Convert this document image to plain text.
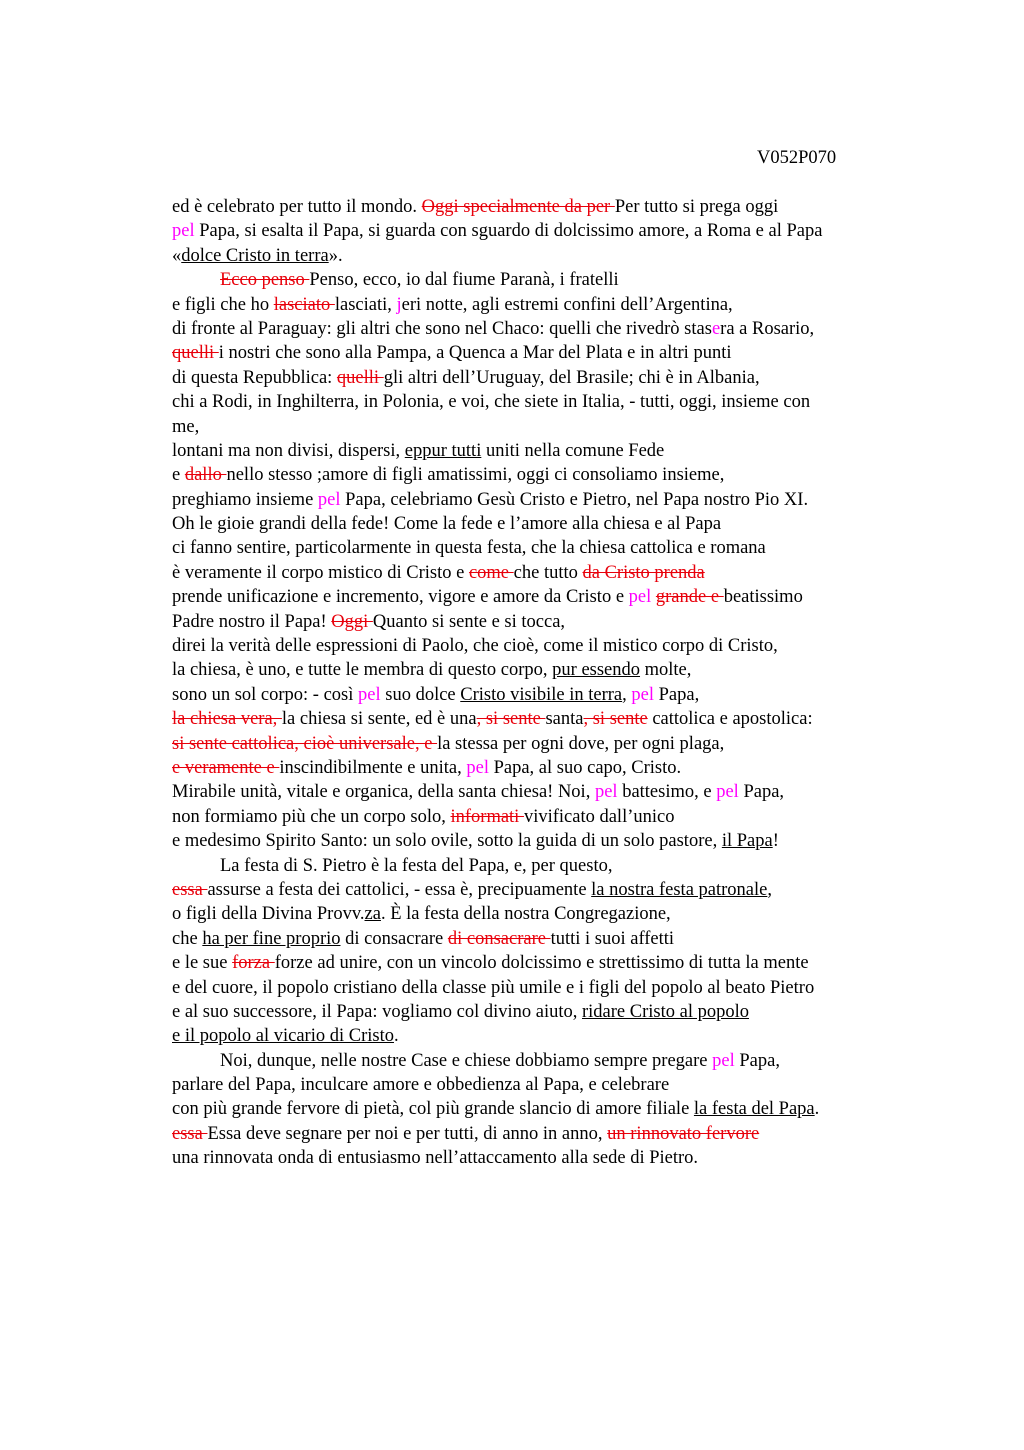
V052P070
ed è celebrato per tutto il mondo. Oggi specialmente da per Per tutto si prega oggi
pel Papa, si esalta il Papa, si guarda con sguardo di dolcissimo amore, a Roma e al Papa
«dolce Cristo in terra».
Ecco penso Penso, ecco, io dal fiume Paranà, i fratelli
e figli che ho lasciato lasciati, jeri notte, agli estremi confini dell’Argentina,
di fronte al Paraguay: gli altri che sono nel Chaco: quelli che rivedrò stasera a Rosario,
quelli i nostri che sono alla Pampa, a Quenca a Mar del Plata e in altri punti
di questa Repubblica: quelli gli altri dell’Uruguay, del Brasile; chi è in Albania,
chi a Rodi, in Inghilterra, in Polonia, e voi, che siete in Italia, - tutti, oggi, insieme con
me,
lontani ma non divisi, dispersi, eppur tutti uniti nella comune Fede
e dallo nello stesso ;amore di figli amatissimi, oggi ci consoliamo insieme,
preghiamo insieme pel Papa, celebriamo Gesù Cristo e Pietro, nel Papa nostro Pio XI.
Oh le gioie grandi della fede! Come la fede e l’amore alla chiesa e al Papa
ci fanno sentire, particolarmente in questa festa, che la chiesa cattolica e romana
è veramente il corpo mistico di Cristo e come che tutto da Cristo prenda
prende unificazione e incremento, vigore e amore da Cristo e pel grande e beatissimo
Padre nostro il Papa! Oggi Quanto si sente e si tocca,
direi la verità delle espressioni di Paolo, che cioè, come il mistico corpo di Cristo,
la chiesa, è uno, e tutte le membra di questo corpo, pur essendo molte,
sono un sol corpo: - così pel suo dolce Cristo visibile in terra, pel Papa,
la chiesa vera, la chiesa si sente, ed è una, si sente santa, si sente cattolica e apostolica:
si sente cattolica, cioè universale, e la stessa per ogni dove, per ogni plaga,
e veramente e inscindibilmente e unita, pel Papa, al suo capo, Cristo.
Mirabile unità, vitale e organica, della santa chiesa! Noi, pel battesimo, e pel Papa,
non formiamo più che un corpo solo, informati vivificato dall’unico
e medesimo Spirito Santo: un solo ovile, sotto la guida di un solo pastore, il Papa!
La festa di S. Pietro è la festa del Papa, e, per questo,
essa assurse a festa dei cattolici, - essa è, precipuamente la nostra festa patronale,
o figli della Divina Provv.za. È la festa della nostra Congregazione,
che ha per fine proprio di consacrare di consacrare tutti i suoi affetti
e le sue forza forze ad unire, con un vincolo dolcissimo e strettissimo di tutta la mente
e del cuore, il popolo cristiano della classe più umile e i figli del popolo al beato Pietro
e al suo successore, il Papa: vogliamo col divino aiuto, ridare Cristo al popolo
e il popolo al vicario di Cristo.
Noi, dunque, nelle nostre Case e chiese dobbiamo sempre pregare pel Papa,
parlare del Papa, inculcare amore e obbedienza al Papa, e celebrare
con più grande fervore di pietà, col più grande slancio di amore filiale la festa del Papa.
essa Essa deve segnare per noi e per tutti, di anno in anno, un rinnovato fervore
una rinnovata onda di entusiasmo nell’attaccamento alla sede di Pietro.
